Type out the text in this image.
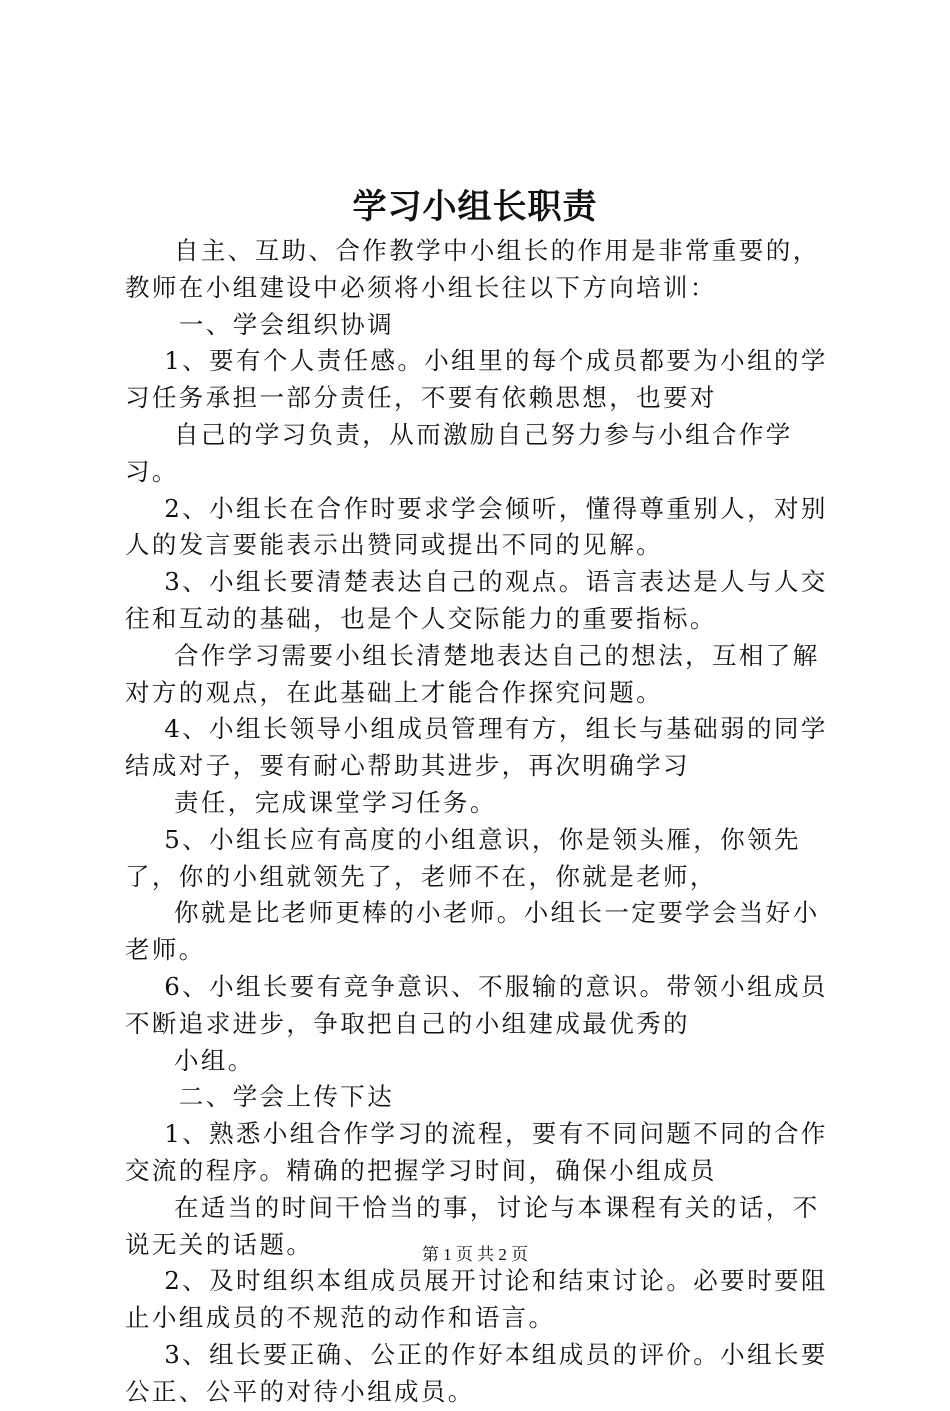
学习小组长职责

自主、互助、合作教学中小组长的作用是非常重要的，教师在小组建设中必须将小组长往以下方向培训：

一、学会组织协调

1、要有个人责任感。小组里的每个成员都要为小组的学习任务承担一部分责任，不要有依赖思想，也要对

自己的学习负责，从而激励自己努力参与小组合作学习。

2、小组长在合作时要求学会倾听，懂得尊重别人，对别人的发言要能表示出赞同或提出不同的见解。

3、小组长要清楚表达自己的观点。语言表达是人与人交往和互动的基础，也是个人交际能力的重要指标。

合作学习需要小组长清楚地表达自己的想法，互相了解对方的观点，在此基础上才能合作探究问题。

4、小组长领导小组成员管理有方，组长与基础弱的同学结成对子，要有耐心帮助其进步，再次明确学习

责任，完成课堂学习任务。

5、小组长应有高度的小组意识，你是领头雁，你领先了，你的小组就领先了，老师不在，你就是老师，

你就是比老师更棒的小老师。小组长一定要学会当好小老师。

6、小组长要有竞争意识、不服输的意识。带领小组成员不断追求进步，争取把自己的小组建成最优秀的

小组。

二、学会上传下达

1、熟悉小组合作学习的流程，要有不同问题不同的合作交流的程序。精确的把握学习时间，确保小组成员

在适当的时间干恰当的事，讨论与本课程有关的话，不说无关的话题。

2、及时组织本组成员展开讨论和结束讨论。必要时要阻止小组成员的不规范的动作和语言。

3、组长要正确、公正的作好本组成员的评价。小组长要公正、公平的对待小组成员。

第 1 页 共 2 页
